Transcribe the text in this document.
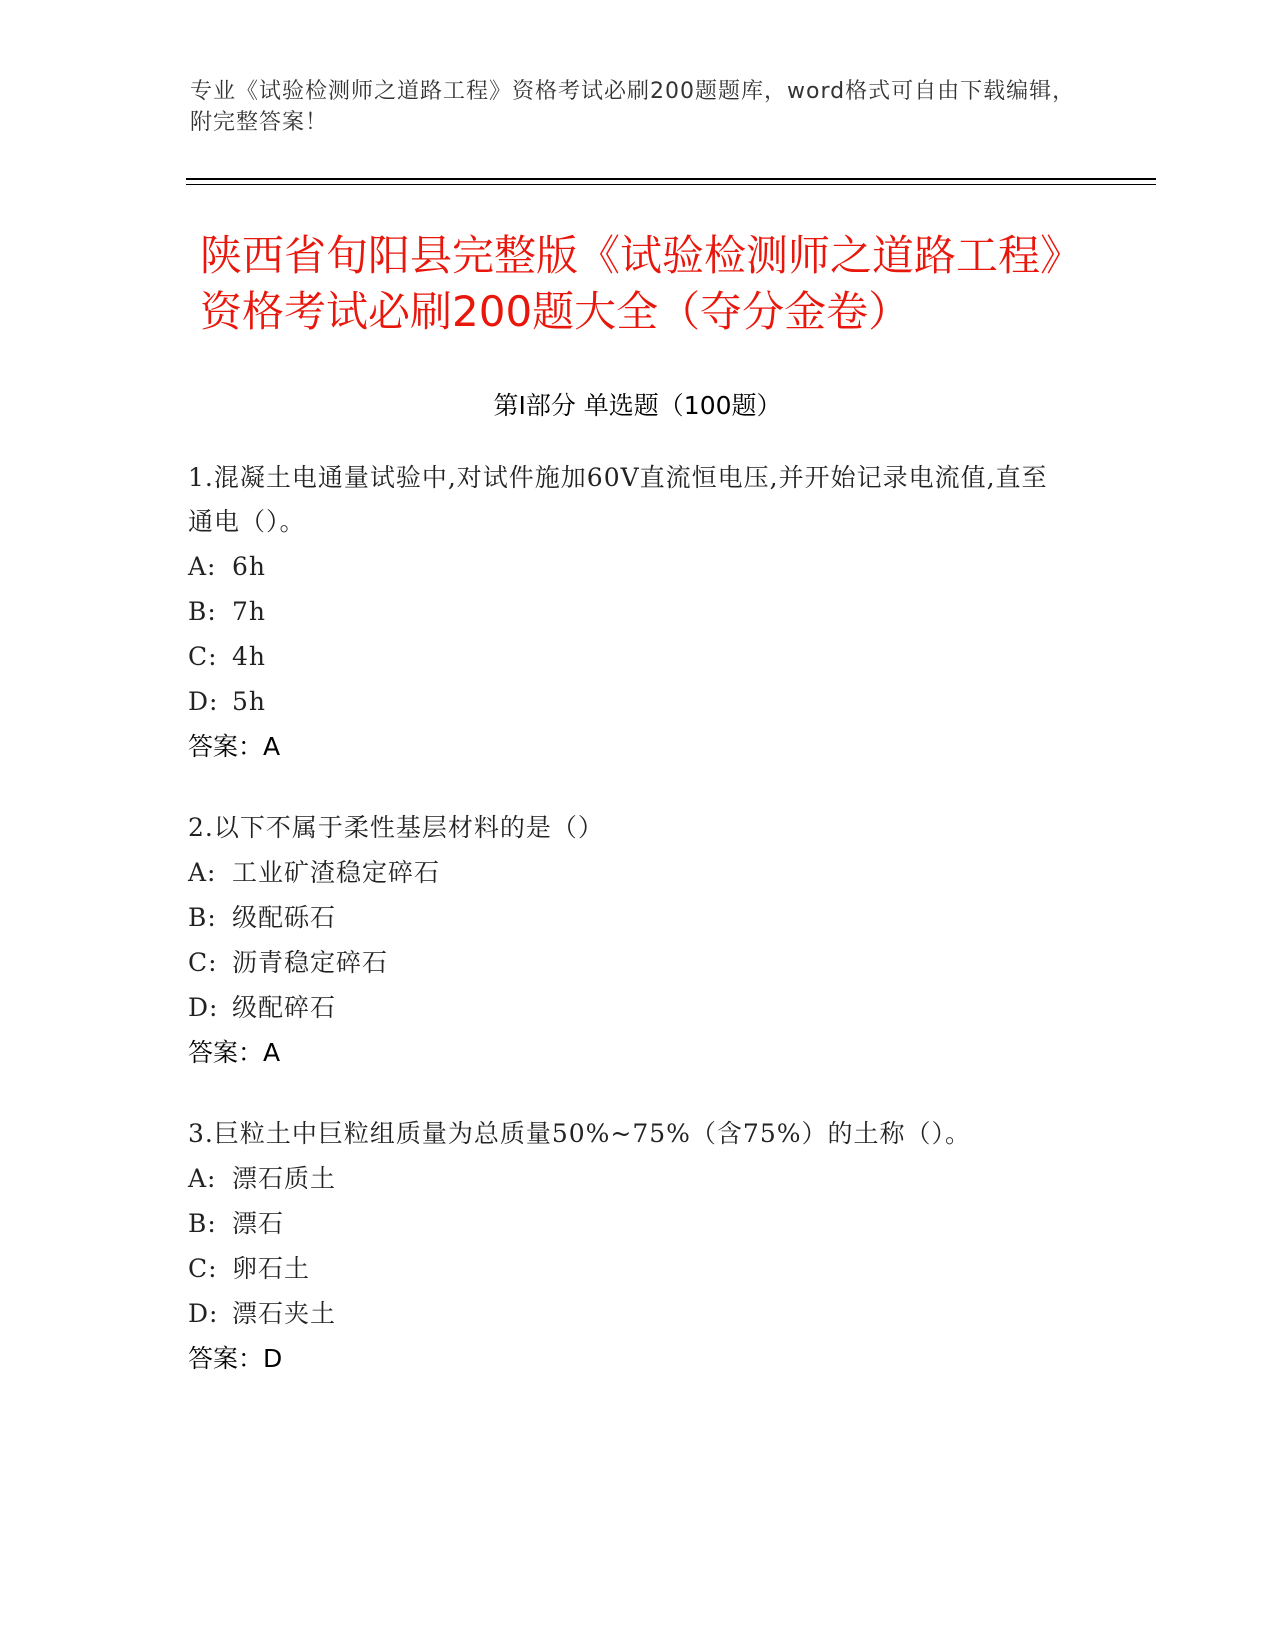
专业《试验检测师之道路工程》资格考试必刷200题题库，word格式可自由下载编辑，附完整答案！
陕西省旬阳县完整版《试验检测师之道路工程》资格考试必刷200题大全（夺分金卷）
第I部分 单选题（100题）
1.混凝土电通量试验中,对试件施加60V直流恒电压,并开始记录电流值,直至通电（）。
A: 6h
B: 7h
C: 4h
D: 5h
答案：A
2.以下不属于柔性基层材料的是（）
A: 工业矿渣稳定碎石
B: 级配砾石
C: 沥青稳定碎石
D: 级配碎石
答案：A
3.巨粒土中巨粒组质量为总质量50%~75%（含75%）的土称（）。
A: 漂石质土
B: 漂石
C: 卵石土
D: 漂石夹土
答案：D
